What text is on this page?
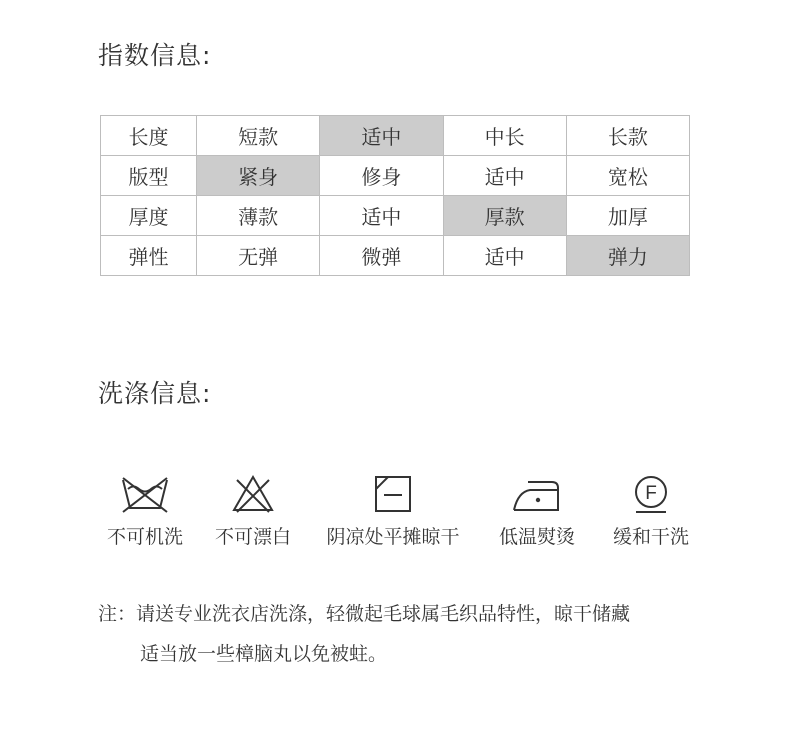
指数信息:
长度	短款	适中	中长	长款
版型	紧身	修身	适中	宽松
厚度	薄款	适中	厚款	加厚
弹性	无弹	微弹	适中	弹力
洗涤信息:
不可机洗	不可漂白	阴凉处平摊晾干	低温熨烫
F
缓和干洗
注：请送专业洗衣店洗涤，轻微起毛球属毛织品特性，晾干储藏
适当放一些樟脑丸以免被蛀。
